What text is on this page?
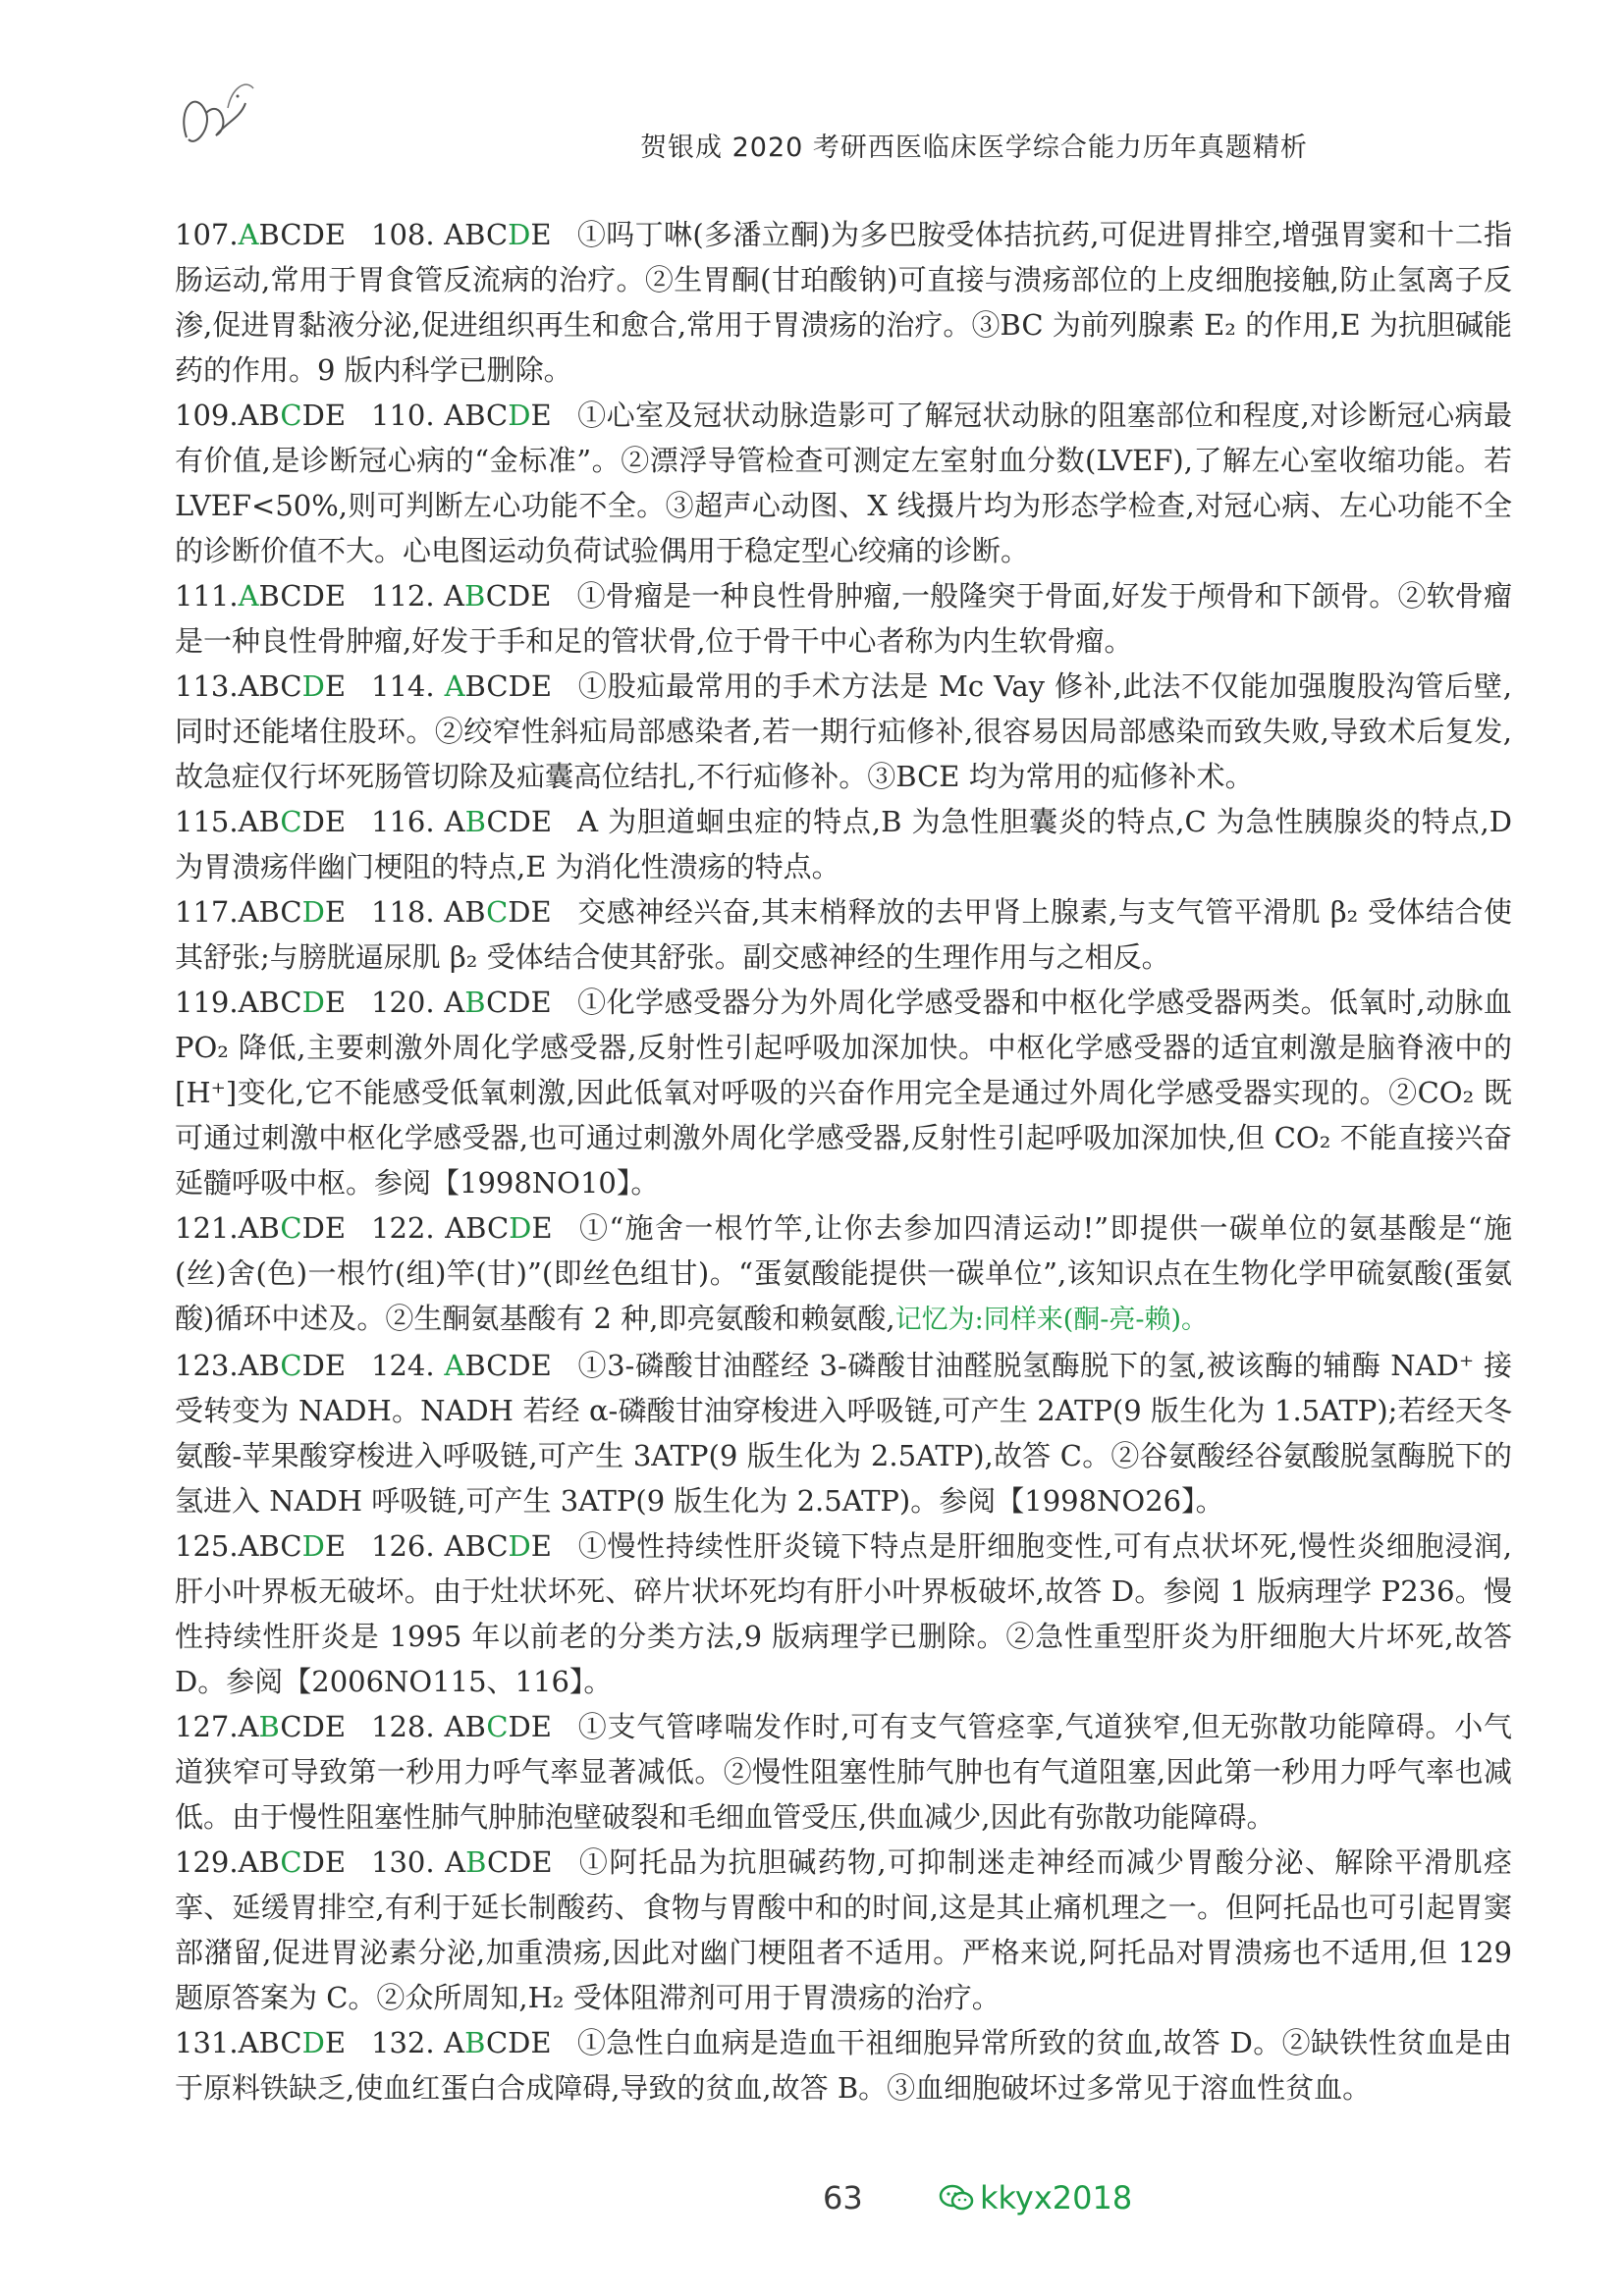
贺银成 2020 考研西医临床医学综合能力历年真题精析

107.ABCDE 108. ABCDE ①吗丁啉(多潘立酮)为多巴胺受体拮抗药,可促进胃排空,增强胃窦和十二指肠运动,常用于胃食管反流病的治疗。②生胃酮(甘珀酸钠)可直接与溃疡部位的上皮细胞接触,防止氢离子反渗,促进胃黏液分泌,促进组织再生和愈合,常用于胃溃疡的治疗。③BC 为前列腺素 E₂ 的作用,E 为抗胆碱能药的作用。9 版内科学已删除。

109.ABCDE 110. ABCDE ①心室及冠状动脉造影可了解冠状动脉的阻塞部位和程度,对诊断冠心病最有价值,是诊断冠心病的“金标准”。②漂浮导管检查可测定左室射血分数(LVEF),了解左心室收缩功能。若 LVEF<50%,则可判断左心功能不全。③超声心动图、X 线摄片均为形态学检查,对冠心病、左心功能不全的诊断价值不大。心电图运动负荷试验偶用于稳定型心绞痛的诊断。

111.ABCDE 112. ABCDE ①骨瘤是一种良性骨肿瘤,一般隆突于骨面,好发于颅骨和下颌骨。②软骨瘤是一种良性骨肿瘤,好发于手和足的管状骨,位于骨干中心者称为内生软骨瘤。

113.ABCDE 114. ABCDE ①股疝最常用的手术方法是 Mc Vay 修补,此法不仅能加强腹股沟管后壁,同时还能堵住股环。②绞窄性斜疝局部感染者,若一期行疝修补,很容易因局部感染而致失败,导致术后复发,故急症仅行坏死肠管切除及疝囊高位结扎,不行疝修补。③BCE 均为常用的疝修补术。

115.ABCDE 116. ABCDE A 为胆道蛔虫症的特点,B 为急性胆囊炎的特点,C 为急性胰腺炎的特点,D 为胃溃疡伴幽门梗阻的特点,E 为消化性溃疡的特点。

117.ABCDE 118. ABCDE 交感神经兴奋,其末梢释放的去甲肾上腺素,与支气管平滑肌 β₂ 受体结合使其舒张;与膀胱逼尿肌 β₂ 受体结合使其舒张。副交感神经的生理作用与之相反。

119.ABCDE 120. ABCDE ①化学感受器分为外周化学感受器和中枢化学感受器两类。低氧时,动脉血 PO₂ 降低,主要刺激外周化学感受器,反射性引起呼吸加深加快。中枢化学感受器的适宜刺激是脑脊液中的[H⁺]变化,它不能感受低氧刺激,因此低氧对呼吸的兴奋作用完全是通过外周化学感受器实现的。②CO₂ 既可通过刺激中枢化学感受器,也可通过刺激外周化学感受器,反射性引起呼吸加深加快,但 CO₂ 不能直接兴奋延髓呼吸中枢。参阅【1998NO10】。

121.ABCDE 122. ABCDE ①“施舍一根竹竿,让你去参加四清运动!”即提供一碳单位的氨基酸是“施(丝)舍(色)一根竹(组)竿(甘)”(即丝色组甘)。“蛋氨酸能提供一碳单位”,该知识点在生物化学甲硫氨酸(蛋氨酸)循环中述及。②生酮氨基酸有 2 种,即亮氨酸和赖氨酸,记忆为:同样来(酮-亮-赖)。

123.ABCDE 124. ABCDE ①3-磷酸甘油醛经 3-磷酸甘油醛脱氢酶脱下的氢,被该酶的辅酶 NAD⁺ 接受转变为 NADH。NADH 若经 α-磷酸甘油穿梭进入呼吸链,可产生 2ATP(9 版生化为 1.5ATP);若经天冬氨酸-苹果酸穿梭进入呼吸链,可产生 3ATP(9 版生化为 2.5ATP),故答 C。②谷氨酸经谷氨酸脱氢酶脱下的氢进入 NADH 呼吸链,可产生 3ATP(9 版生化为 2.5ATP)。参阅【1998NO26】。

125.ABCDE 126. ABCDE ①慢性持续性肝炎镜下特点是肝细胞变性,可有点状坏死,慢性炎细胞浸润,肝小叶界板无破坏。由于灶状坏死、碎片状坏死均有肝小叶界板破坏,故答 D。参阅 1 版病理学 P236。慢性持续性肝炎是 1995 年以前老的分类方法,9 版病理学已删除。②急性重型肝炎为肝细胞大片坏死,故答 D。参阅【2006NO115、116】。

127.ABCDE 128. ABCDE ①支气管哮喘发作时,可有支气管痉挛,气道狭窄,但无弥散功能障碍。小气道狭窄可导致第一秒用力呼气率显著减低。②慢性阻塞性肺气肿也有气道阻塞,因此第一秒用力呼气率也减低。由于慢性阻塞性肺气肿肺泡壁破裂和毛细血管受压,供血减少,因此有弥散功能障碍。

129.ABCDE 130. ABCDE ①阿托品为抗胆碱药物,可抑制迷走神经而减少胃酸分泌、解除平滑肌痉挛、延缓胃排空,有利于延长制酸药、食物与胃酸中和的时间,这是其止痛机理之一。但阿托品也可引起胃窦部潴留,促进胃泌素分泌,加重溃疡,因此对幽门梗阻者不适用。严格来说,阿托品对胃溃疡也不适用,但 129 题原答案为 C。②众所周知,H₂ 受体阻滞剂可用于胃溃疡的治疗。

131.ABCDE 132. ABCDE ①急性白血病是造血干祖细胞异常所致的贫血,故答 D。②缺铁性贫血是由于原料铁缺乏,使血红蛋白合成障碍,导致的贫血,故答 B。③血细胞破坏过多常见于溶血性贫血。

63	kkyx2018
